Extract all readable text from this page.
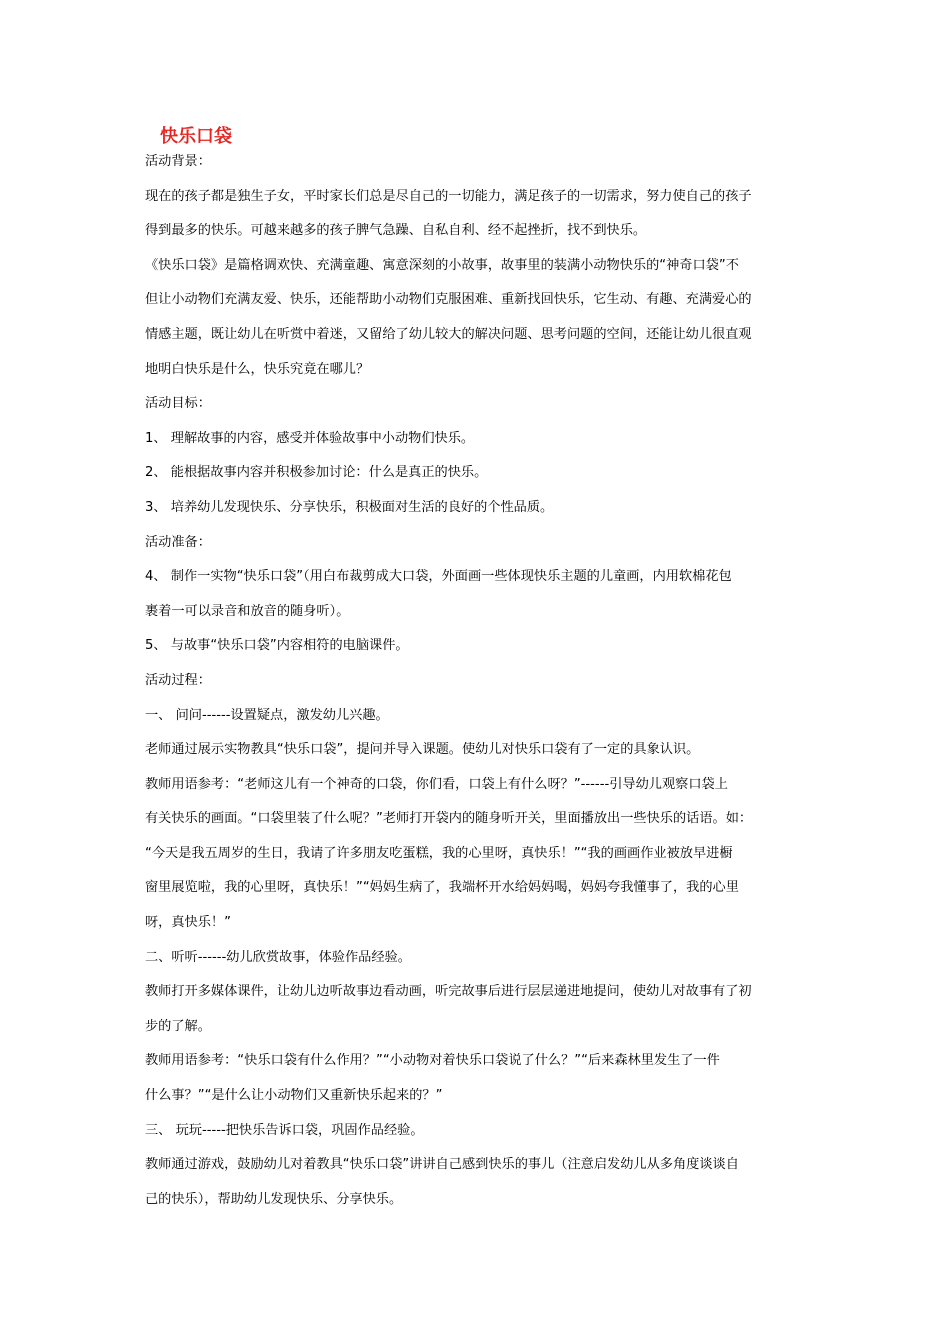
快乐口袋
活动背景：
现在的孩子都是独生子女，平时家长们总是尽自己的一切能力，满足孩子的一切需求，努力使自己的孩子
得到最多的快乐。可越来越多的孩子脾气急躁、自私自利、经不起挫折，找不到快乐。
《快乐口袋》是篇格调欢快、充满童趣、寓意深刻的小故事，故事里的装满小动物快乐的“神奇口袋”不
但让小动物们充满友爱、快乐，还能帮助小动物们克服困难、重新找回快乐，它生动、有趣、充满爱心的
情感主题，既让幼儿在听赏中着迷，又留给了幼儿较大的解决问题、思考问题的空间，还能让幼儿很直观
地明白快乐是什么，快乐究竟在哪儿？
活动目标：
1、 理解故事的内容，感受并体验故事中小动物们快乐。
2、 能根据故事内容并积极参加讨论：什么是真正的快乐。
3、 培养幼儿发现快乐、分享快乐，积极面对生活的良好的个性品质。
活动准备：
4、 制作一实物“快乐口袋”（用白布裁剪成大口袋，外面画一些体现快乐主题的儿童画，内用软棉花包
裹着一可以录音和放音的随身听）。
5、 与故事“快乐口袋”内容相符的电脑课件。
活动过程：
一、 问问------设置疑点，激发幼儿兴趣。
老师通过展示实物教具“快乐口袋”，提问并导入课题。使幼儿对快乐口袋有了一定的具象认识。
教师用语参考：“老师这儿有一个神奇的口袋，你们看，口袋上有什么呀？”------引导幼儿观察口袋上
有关快乐的画面。“口袋里装了什么呢？”老师打开袋内的随身听开关，里面播放出一些快乐的话语。如：
“今天是我五周岁的生日，我请了许多朋友吃蛋糕，我的心里呀，真快乐！”“我的画画作业被放早进橱
窗里展览啦，我的心里呀，真快乐！”“妈妈生病了，我端杯开水给妈妈喝，妈妈夸我懂事了，我的心里
呀，真快乐！”
二、听听------幼儿欣赏故事，体验作品经验。
教师打开多媒体课件，让幼儿边听故事边看动画，听完故事后进行层层递进地提问，使幼儿对故事有了初
步的了解。
教师用语参考：“快乐口袋有什么作用？”“小动物对着快乐口袋说了什么？”“后来森林里发生了一件
什么事？”“是什么让小动物们又重新快乐起来的？”
三、 玩玩-----把快乐告诉口袋，巩固作品经验。
教师通过游戏，鼓励幼儿对着教具“快乐口袋”讲讲自己感到快乐的事儿（注意启发幼儿从多角度谈谈自
己的快乐），帮助幼儿发现快乐、分享快乐。
